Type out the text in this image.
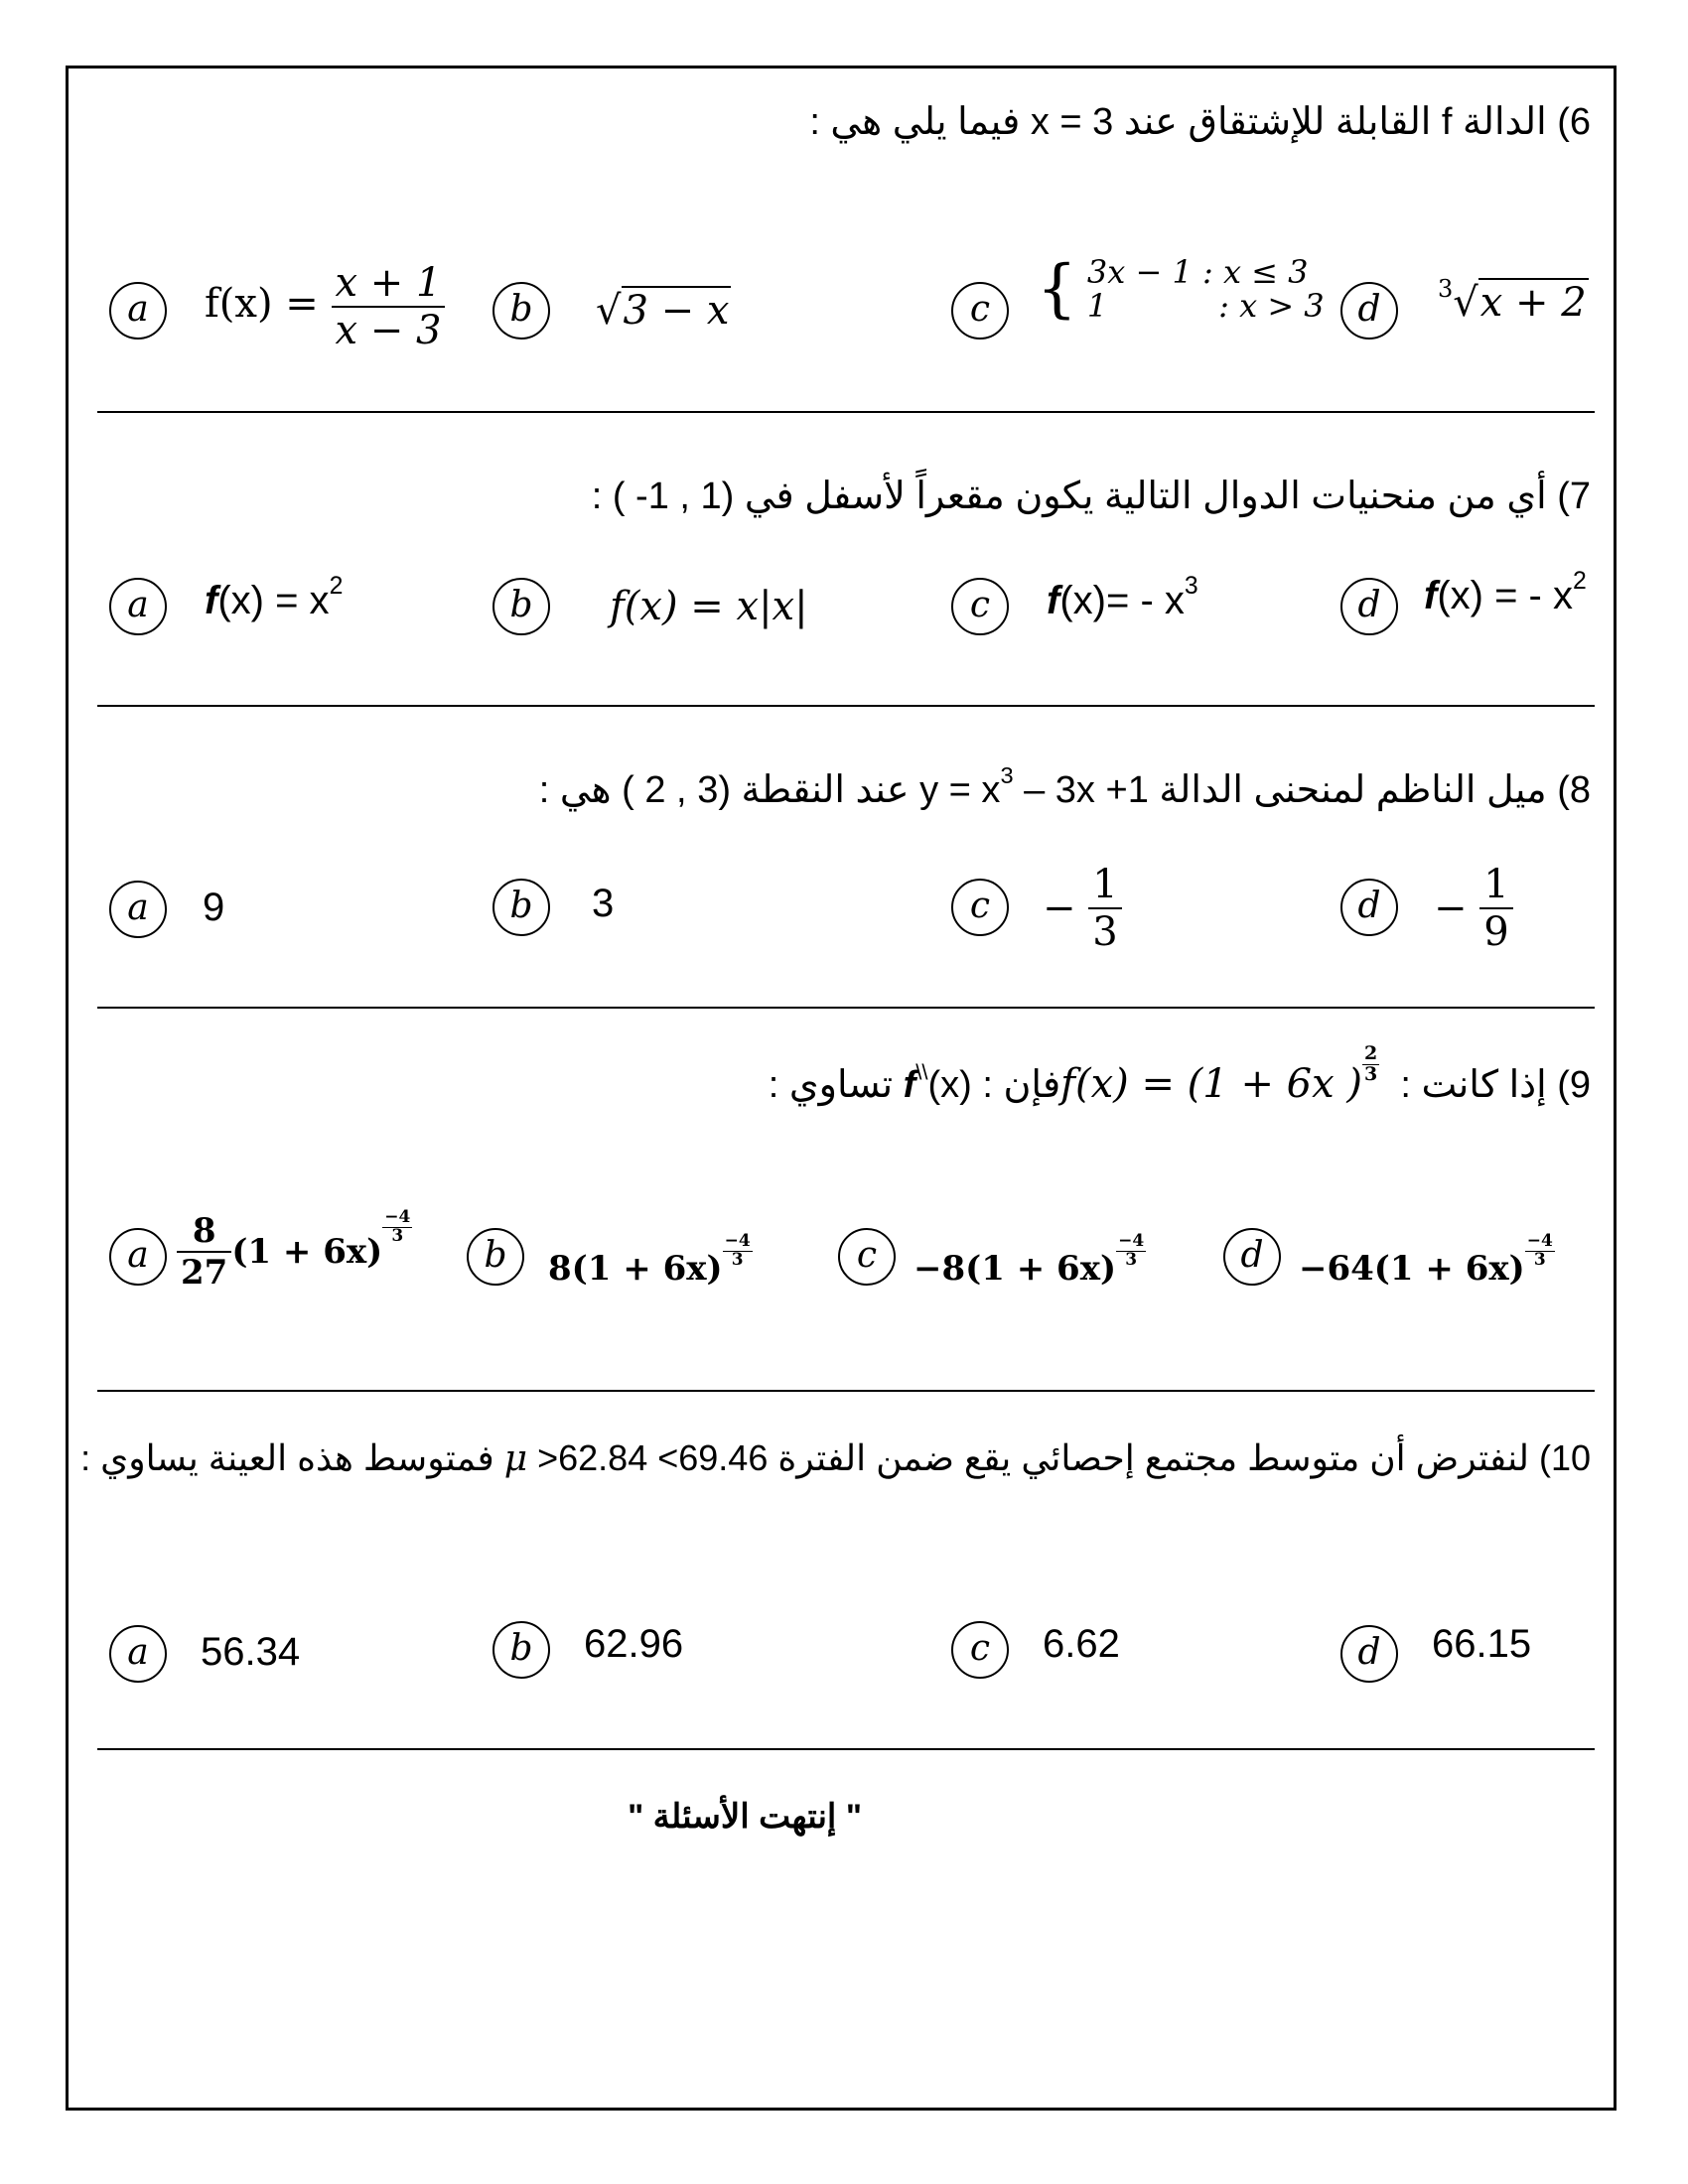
6) الدالة f القابلة للإشتقاق عند x = 3 فيما يلي هي :
a	$f(x) = \frac{x + 1}{x - 3}$	b	√3 − x	c { 3x − 1 : x ≤ 3
1           : x > 3 d
$^3$√x + 2
7) أي من منحنيات الدوال التالية يكون مقعراً لأسفل في (1 , 1- ) :
a	$f(x) = x^2$	b	f(x) = x|x|	c	$f(x)= - x^3$	d	f(x) = - $x^2$
8) ميل الناظم لمنحنى الدالة $1+ y = x^3 - 3x$ عند النقطة (3 , 2 ) هي :
a	9	b	3	c	− $\frac{1}{3}$	d	− $\frac{1}{9}$
9) إذا كانت : f(x) = (1 + 6x ) $\frac{2}{3}$
فإن : (x)\\f تساوي :
a $\frac{8}{27} (1 + 6x)$
$\frac{-4}{3}$
b	$8(1 + 6x) \frac{-4}{3}$	c	$-8(1 + 6x) \frac{-4}{3}$	d	$-64(1 + 6x) \frac{-4}{3}$
10) لنفترض أن متوسط مجتمع إحصائي يقع ضمن الفترة 69.46> μ >62.84 فمتوسط هذه العينة يساوي :
a	56.34	b	62.96	c	6.62	d	66.15
" إنتهت الأسئلة "
